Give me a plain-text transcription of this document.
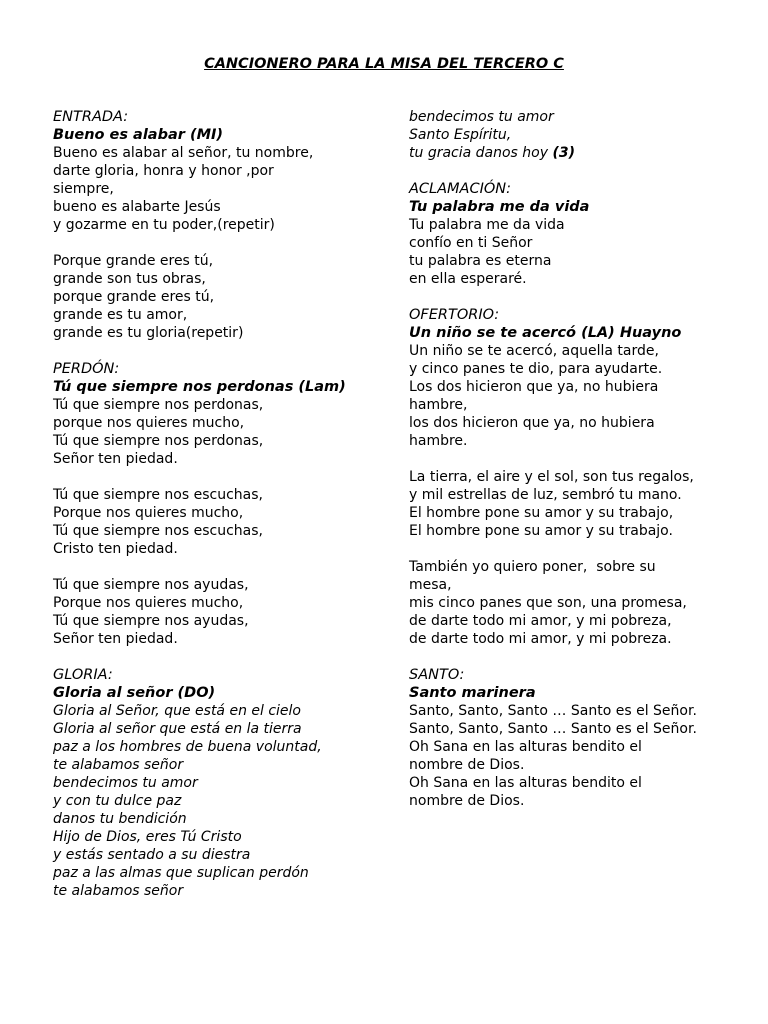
CANCIONERO PARA LA MISA DEL TERCERO C
ENTRADA:
Bueno es alabar (MI)
Bueno es alabar al señor, tu nombre,
darte gloria, honra y honor ,por
siempre,
bueno es alabarte Jesús
y gozarme en tu poder,(repetir)
Porque grande eres tú,
grande son tus obras,
porque grande eres tú,
grande es tu amor,
grande es tu gloria(repetir)
PERDÓN:
Tú que siempre nos perdonas (Lam)
Tú que siempre nos perdonas,
porque nos quieres mucho,
Tú que siempre nos perdonas,
Señor ten piedad.
Tú que siempre nos escuchas,
Porque nos quieres mucho,
Tú que siempre nos escuchas,
Cristo ten piedad.
Tú que siempre nos ayudas,
Porque nos quieres mucho,
Tú que siempre nos ayudas,
Señor ten piedad.
GLORIA:
Gloria al señor (DO)
Gloria al Señor, que está en el cielo
Gloria al señor que está en la tierra
paz a los hombres de buena voluntad,
te alabamos señor
bendecimos tu amor
y con tu dulce paz
danos tu bendición
Hijo de Dios, eres Tú Cristo
y estás sentado a su diestra
paz a las almas que suplican perdón
te alabamos señor
bendecimos tu amor
Santo Espíritu,
tu gracia danos hoy (3)
ACLAMACIÓN:
Tu palabra me da vida
Tu palabra me da vida
confío en ti Señor
tu palabra es eterna
en ella esperaré.
OFERTORIO:
Un niño se te acercó (LA) Huayno
Un niño se te acercó, aquella tarde,
y cinco panes te dio, para ayudarte.
Los dos hicieron que ya, no hubiera
hambre,
los dos hicieron que ya, no hubiera
hambre.
La tierra, el aire y el sol, son tus regalos,
y mil estrellas de luz, sembró tu mano.
El hombre pone su amor y su trabajo,
El hombre pone su amor y su trabajo.
También yo quiero poner,  sobre su
mesa,
mis cinco panes que son, una promesa,
de darte todo mi amor, y mi pobreza,
de darte todo mi amor, y mi pobreza.
SANTO:
Santo marinera
Santo, Santo, Santo … Santo es el Señor.
Santo, Santo, Santo … Santo es el Señor.
Oh Sana en las alturas bendito el
nombre de Dios.
Oh Sana en las alturas bendito el
nombre de Dios.
